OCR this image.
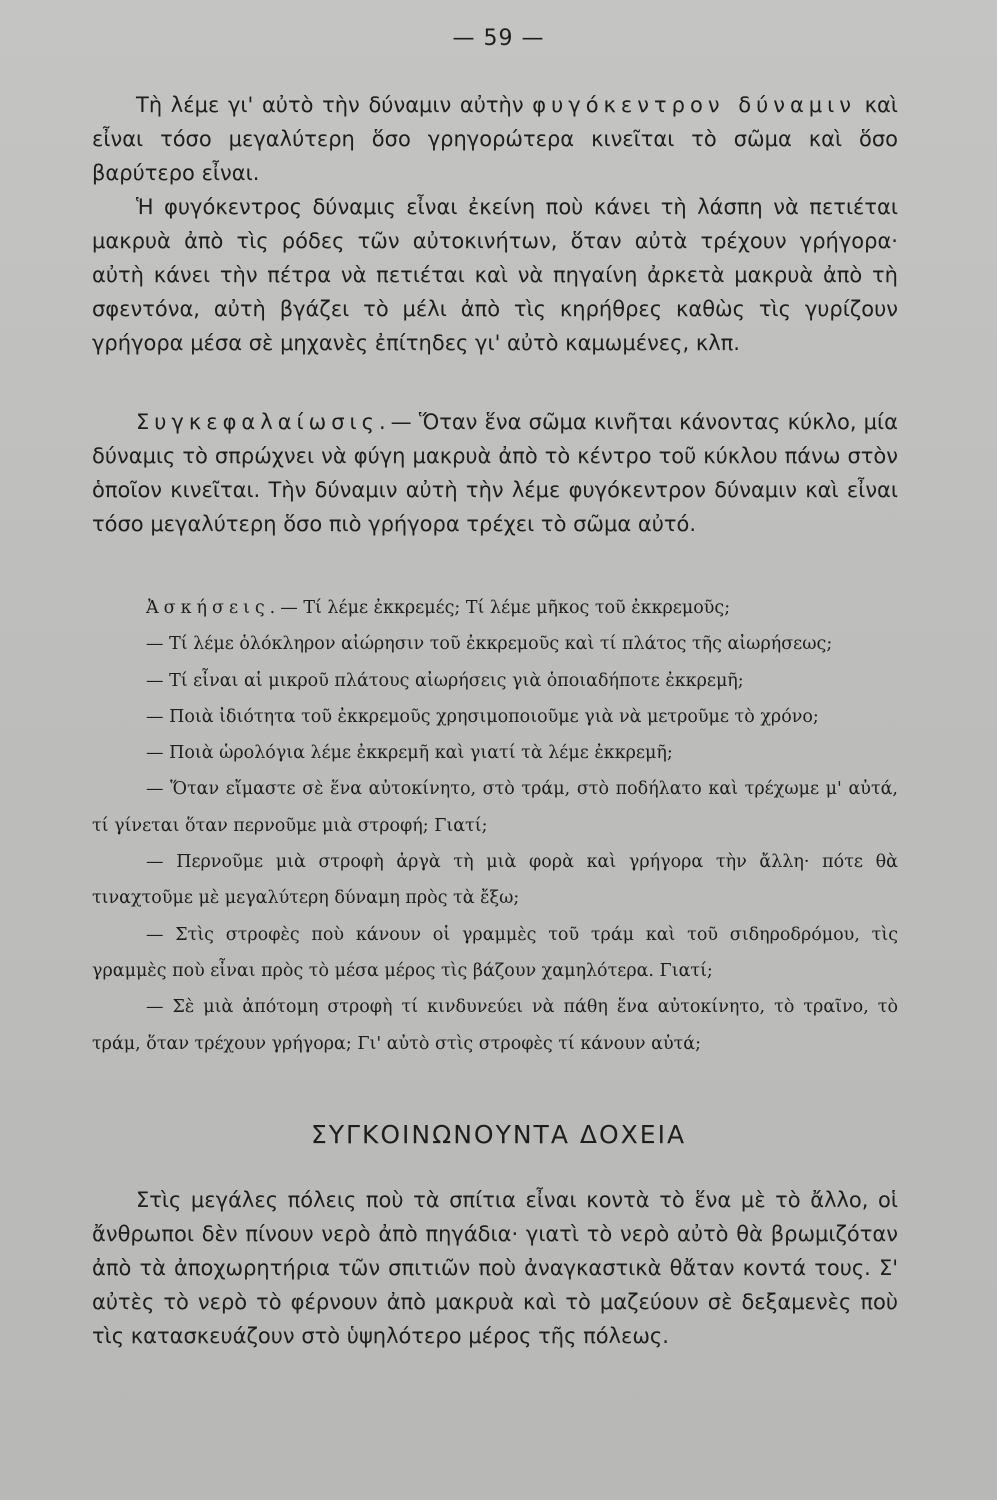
— 59 —

Τὴ λέμε γι' αὐτὸ τὴν δύναμιν αὐτὴν φυγόκεντρον δύναμιν καὶ εἶναι τόσο μεγαλύτερη ὅσο γρηγορώτερα κινεῖται τὸ σῶμα καὶ ὅσο βαρύτερο εἶναι.

Ἡ φυγόκεντρος δύναμις εἶναι ἐκείνη ποὺ κάνει τὴ λάσπη νὰ πετιέται μακρυὰ ἀπὸ τὶς ρόδες τῶν αὐτοκινήτων, ὅταν αὐτὰ τρέχουν γρήγορα· αὐτὴ κάνει τὴν πέτρα νὰ πετιέται καὶ νὰ πηγαίνη ἀρκετὰ μακρυὰ ἀπὸ τὴ σφεντόνα, αὐτὴ βγάζει τὸ μέλι ἀπὸ τὶς κηρήθρες καθὼς τὶς γυρίζουν γρήγορα μέσα σὲ μηχανὲς ἐπίτηδες γι' αὐτὸ καμωμένες, κλπ.

Συγκεφαλαίωσις.— Ὅταν ἕνα σῶμα κινῆται κάνοντας κύκλο, μία δύναμις τὸ σπρώχνει νὰ φύγη μακρυὰ ἀπὸ τὸ κέντρο τοῦ κύκλου πάνω στὸν ὁποῖον κινεῖται. Τὴν δύναμιν αὐτὴ τὴν λέμε φυγόκεντρον δύναμιν καὶ εἶναι τόσο μεγαλύτερη ὅσο πιὸ γρήγορα τρέχει τὸ σῶμα αὐτό.

Ἀσκήσεις.— Τί λέμε ἐκκρεμές; Τί λέμε μῆκος τοῦ ἐκκρεμοῦς;

— Τί λέμε ὁλόκληρον αἰώρησιν τοῦ ἐκκρεμοῦς καὶ τί πλάτος τῆς αἰωρήσεως;

— Τί εἶναι αἱ μικροῦ πλάτους αἰωρήσεις γιὰ ὁποιαδήποτε ἐκκρεμῆ;

— Ποιὰ ἰδιότητα τοῦ ἐκκρεμοῦς χρησιμοποιοῦμε γιὰ νὰ μετροῦμε τὸ χρόνο;

— Ποιὰ ὡρολόγια λέμε ἐκκρεμῆ καὶ γιατί τὰ λέμε ἐκκρεμῆ;

— Ὅταν εἴμαστε σὲ ἕνα αὐτοκίνητο, στὸ τράμ, στὸ ποδήλατο καὶ τρέχωμε μ' αὐτά, τί γίνεται ὅταν περνοῦμε μιὰ στροφή; Γιατί;

— Περνοῦμε μιὰ στροφὴ ἀργὰ τὴ μιὰ φορὰ καὶ γρήγορα τὴν ἄλλη· πότε θὰ τιναχτοῦμε μὲ μεγαλύτερη δύναμη πρὸς τὰ ἔξω;

— Στὶς στροφὲς ποὺ κάνουν οἱ γραμμὲς τοῦ τράμ καὶ τοῦ σιδηροδρόμου, τὶς γραμμὲς ποὺ εἶναι πρὸς τὸ μέσα μέρος τὶς βάζουν χαμηλότερα. Γιατί;

— Σὲ μιὰ ἀπότομη στροφὴ τί κινδυνεύει νὰ πάθη ἕνα αὐτοκίνητο, τὸ τραῖνο, τὸ τράμ, ὅταν τρέχουν γρήγορα; Γι' αὐτὸ στὶς στροφὲς τί κάνουν αὐτά;

ΣΥΓΚΟΙΝΩΝΟΥΝΤΑ ΔΟΧΕΙΑ

Στὶς μεγάλες πόλεις ποὺ τὰ σπίτια εἶναι κοντὰ τὸ ἕνα μὲ τὸ ἄλλο, οἱ ἄνθρωποι δὲν πίνουν νερὸ ἀπὸ πηγάδια· γιατὶ τὸ νερὸ αὐτὸ θὰ βρωμιζόταν ἀπὸ τὰ ἀποχωρητήρια τῶν σπιτιῶν ποὺ ἀναγκαστικὰ θἄταν κοντά τους. Σ' αὐτὲς τὸ νερὸ τὸ φέρνουν ἀπὸ μακρυὰ καὶ τὸ μαζεύουν σὲ δεξαμενὲς ποὺ τὶς κατασκευάζουν στὸ ὑψηλότερο μέρος τῆς πόλεως.
